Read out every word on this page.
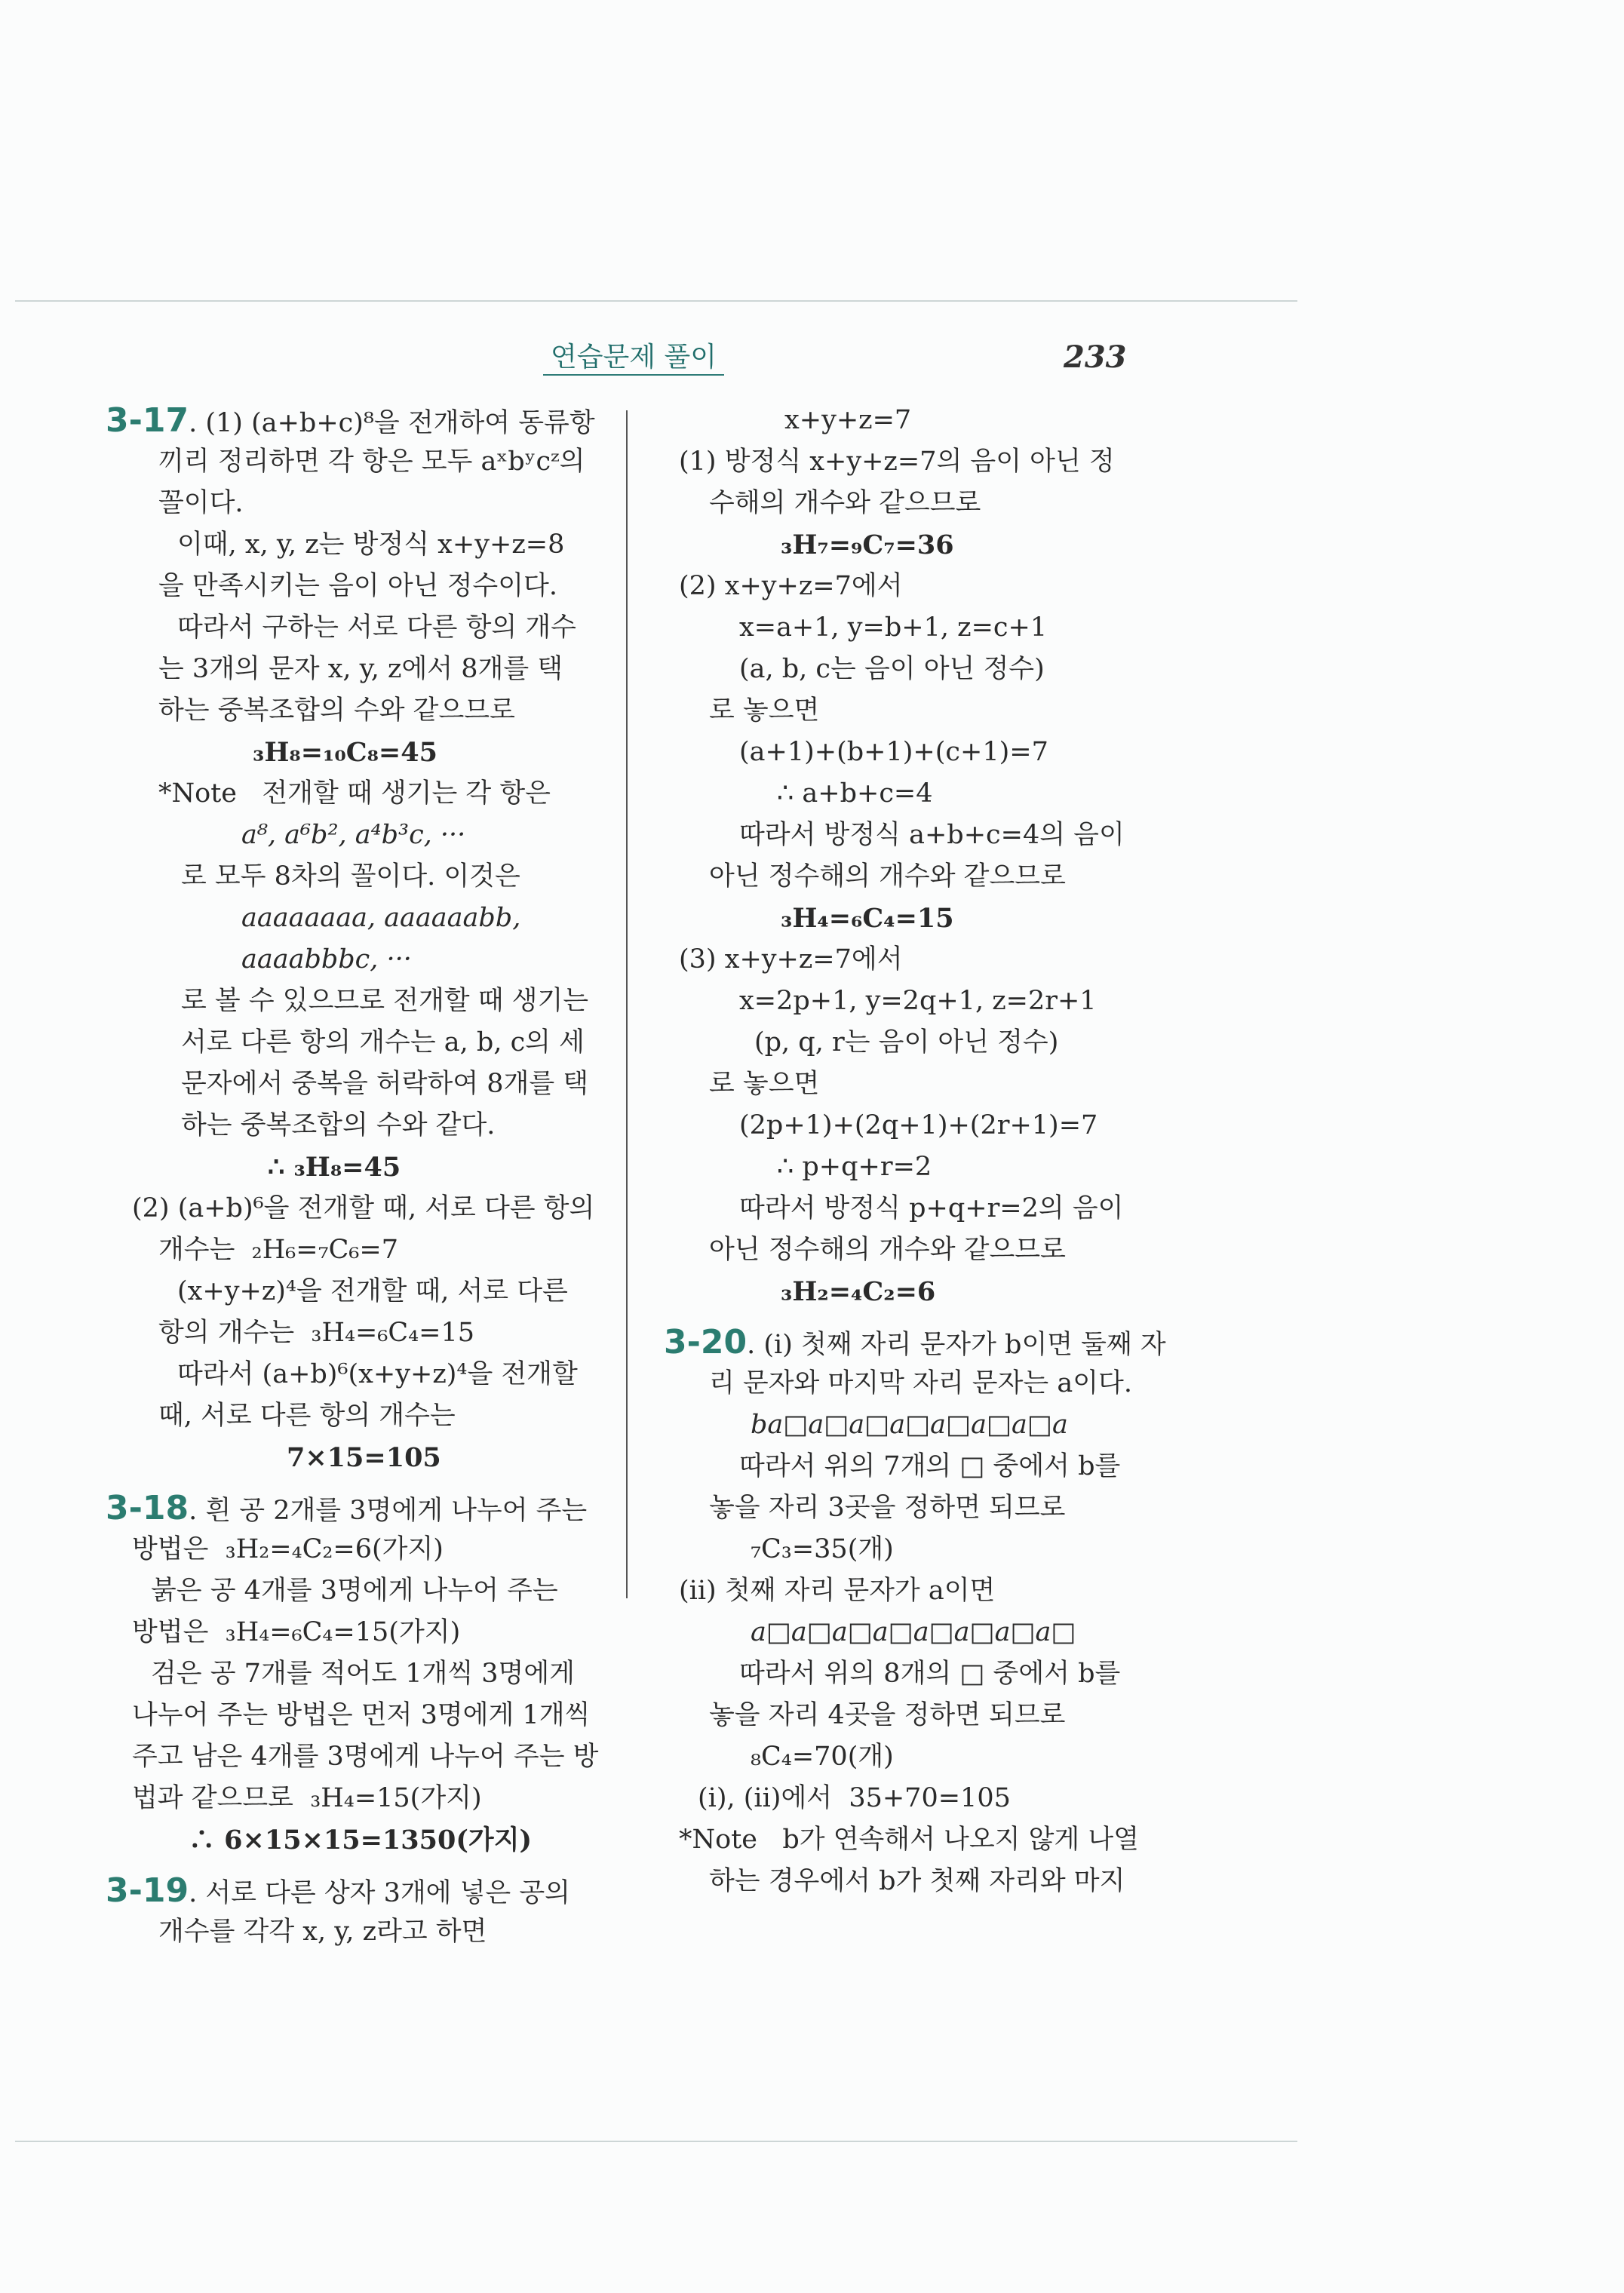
연습문제 풀이	233
3-17. (1) (a+b+c)⁸을 전개하여 동류항
끼리 정리하면 각 항은 모두 aˣbʸcᶻ의
꼴이다.
이때, x, y, z는 방정식 x+y+z=8
을 만족시키는 음이 아닌 정수이다.
따라서 구하는 서로 다른 항의 개수
는 3개의 문자 x, y, z에서 8개를 택
하는 중복조합의 수와 같으므로
₃H₈=₁₀C₈=45
*Note   전개할 때 생기는 각 항은
a⁸, a⁶b², a⁴b³c, ···
로 모두 8차의 꼴이다. 이것은
aaaaaaaa, aaaaaabb,
aaaabbbc, ···
로 볼 수 있으므로 전개할 때 생기는
서로 다른 항의 개수는 a, b, c의 세
문자에서 중복을 허락하여 8개를 택
하는 중복조합의 수와 같다.
∴ ₃H₈=45
(2) (a+b)⁶을 전개할 때, 서로 다른 항의
개수는  ₂H₆=₇C₆=7
(x+y+z)⁴을 전개할 때, 서로 다른
항의 개수는  ₃H₄=₆C₄=15
따라서 (a+b)⁶(x+y+z)⁴을 전개할
때, 서로 다른 항의 개수는
7×15=105
3-18. 흰 공 2개를 3명에게 나누어 주는
방법은  ₃H₂=₄C₂=6(가지)
붉은 공 4개를 3명에게 나누어 주는
방법은  ₃H₄=₆C₄=15(가지)
검은 공 7개를 적어도 1개씩 3명에게
나누어 주는 방법은 먼저 3명에게 1개씩
주고 남은 4개를 3명에게 나누어 주는 방
법과 같으므로  ₃H₄=15(가지)
∴ 6×15×15=1350(가지)
3-19. 서로 다른 상자 3개에 넣은 공의
개수를 각각 x, y, z라고 하면
x+y+z=7
(1) 방정식 x+y+z=7의 음이 아닌 정
수해의 개수와 같으므로
₃H₇=₉C₇=36
(2) x+y+z=7에서
x=a+1, y=b+1, z=c+1
(a, b, c는 음이 아닌 정수)
로 놓으면
(a+1)+(b+1)+(c+1)=7
∴ a+b+c=4
따라서 방정식 a+b+c=4의 음이
아닌 정수해의 개수와 같으므로
₃H₄=₆C₄=15
(3) x+y+z=7에서
x=2p+1, y=2q+1, z=2r+1
(p, q, r는 음이 아닌 정수)
로 놓으면
(2p+1)+(2q+1)+(2r+1)=7
∴ p+q+r=2
따라서 방정식 p+q+r=2의 음이
아닌 정수해의 개수와 같으므로
₃H₂=₄C₂=6
3-20. (i) 첫째 자리 문자가 b이면 둘째 자
리 문자와 마지막 자리 문자는 a이다.
ba□a□a□a□a□a□a□a
따라서 위의 7개의 □ 중에서 b를
놓을 자리 3곳을 정하면 되므로
₇C₃=35(개)
(ii) 첫째 자리 문자가 a이면
a□a□a□a□a□a□a□a□
따라서 위의 8개의 □ 중에서 b를
놓을 자리 4곳을 정하면 되므로
₈C₄=70(개)
(i), (ii)에서  35+70=105
*Note   b가 연속해서 나오지 않게 나열
하는 경우에서 b가 첫째 자리와 마지
